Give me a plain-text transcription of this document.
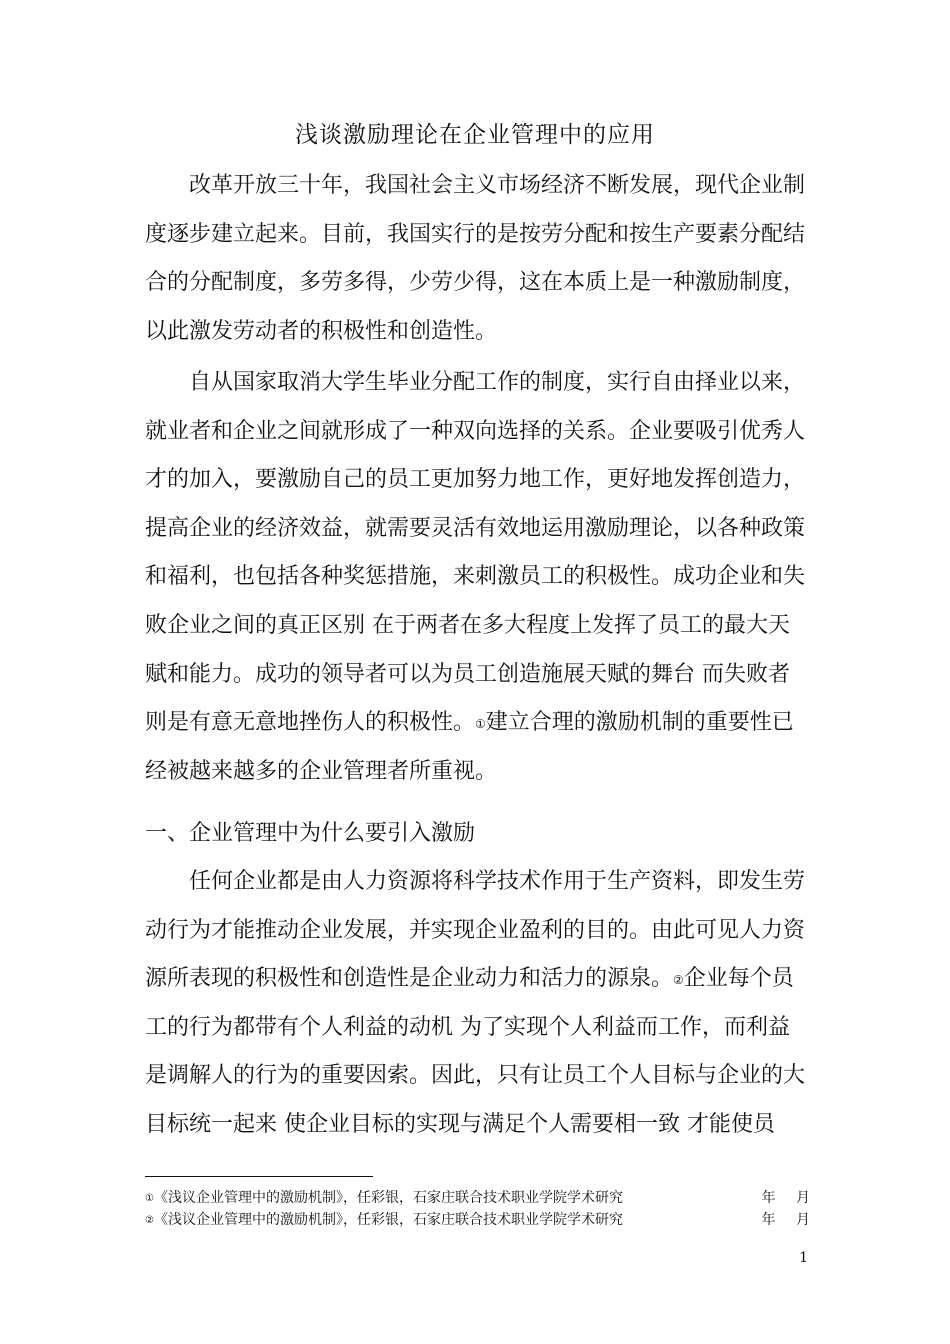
浅谈激励理论在企业管理中的应用
改革开放三十年，我国社会主义市场经济不断发展，现代企业制
度逐步建立起来。目前，我国实行的是按劳分配和按生产要素分配结
合的分配制度，多劳多得，少劳少得，这在本质上是一种激励制度，
以此激发劳动者的积极性和创造性。
自从国家取消大学生毕业分配工作的制度，实行自由择业以来，
就业者和企业之间就形成了一种双向选择的关系。企业要吸引优秀人
才的加入，要激励自己的员工更加努力地工作，更好地发挥创造力，
提高企业的经济效益，就需要灵活有效地运用激励理论，以各种政策
和福利，也包括各种奖惩措施，来刺激员工的积极性。成功企业和失
败企业之间的真正区别 在于两者在多大程度上发挥了员工的最大天
赋和能力。成功的领导者可以为员工创造施展天赋的舞台 而失败者
则是有意无意地挫伤人的积极性。①建立合理的激励机制的重要性已
经被越来越多的企业管理者所重视。
一、企业管理中为什么要引入激励
任何企业都是由人力资源将科学技术作用于生产资料，即发生劳
动行为才能推动企业发展，并实现企业盈利的目的。由此可见人力资
源所表现的积极性和创造性是企业动力和活力的源泉。②企业每个员
工的行为都带有个人利益的动机 为了实现个人利益而工作，而利益
是调解人的行为的重要因索。因此，只有让员工个人目标与企业的大
目标统一起来 使企业目标的实现与满足个人需要相一致 才能使员
①《浅议企业管理中的激励机制》，任彩银，石家庄联合技术职业学院学术研究	年 月
②《浅议企业管理中的激励机制》，任彩银，石家庄联合技术职业学院学术研究	年 月
1
